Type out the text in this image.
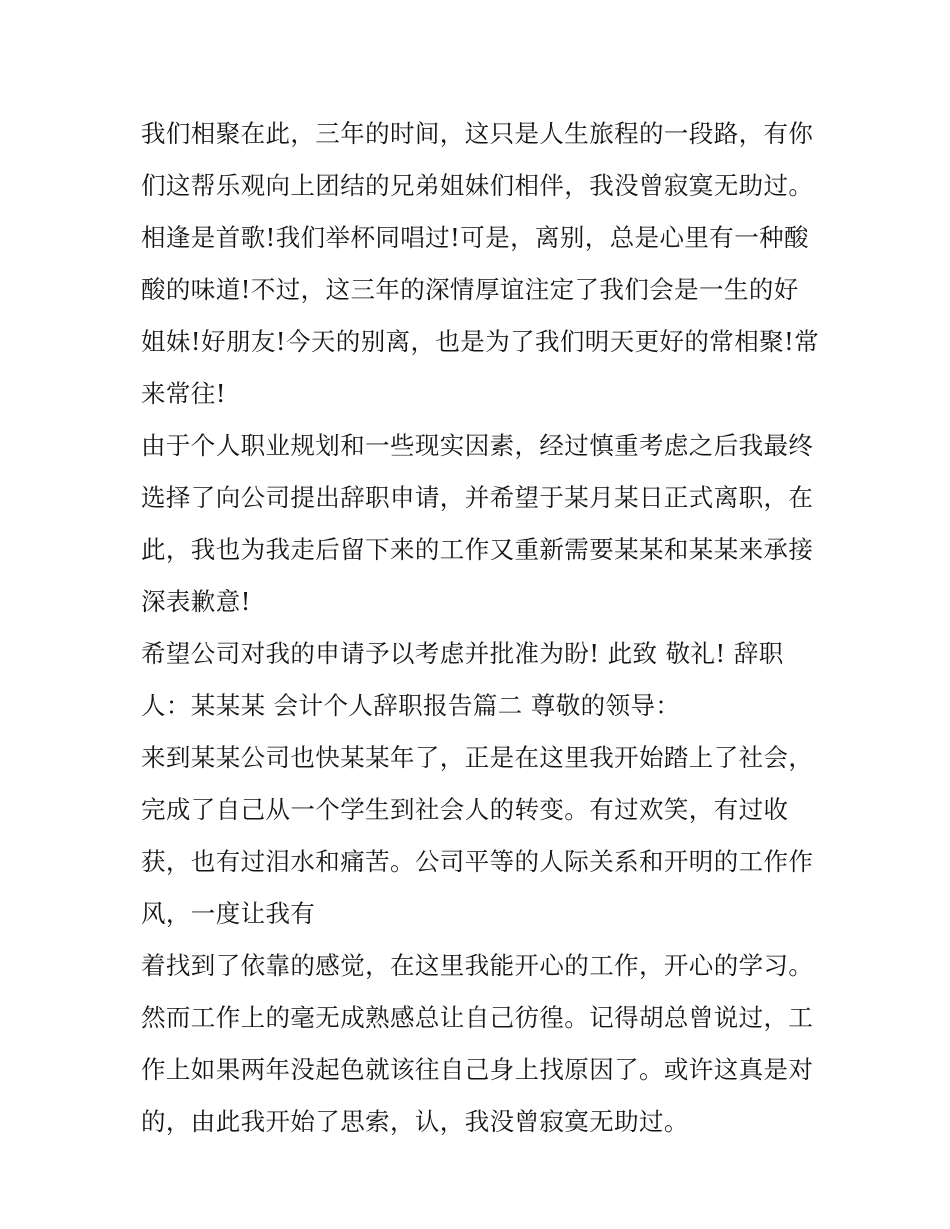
我们相聚在此，三年的时间，这只是人生旅程的一段路，有你
们这帮乐观向上团结的兄弟姐妹们相伴，我没曾寂寞无助过。
相逢是首歌!我们举杯同唱过!可是，离别，总是心里有一种酸
酸的味道!不过，这三年的深情厚谊注定了我们会是一生的好
姐妹!好朋友!今天的别离，也是为了我们明天更好的常相聚!常
来常往!
由于个人职业规划和一些现实因素，经过慎重考虑之后我最终
选择了向公司提出辞职申请，并希望于某月某日正式离职，在
此，我也为我走后留下来的工作又重新需要某某和某某来承接
深表歉意!
希望公司对我的申请予以考虑并批准为盼! 此致 敬礼! 辞职
人：某某某 会计个人辞职报告篇二 尊敬的领导：
来到某某公司也快某某年了，正是在这里我开始踏上了社会，
完成了自己从一个学生到社会人的转变。有过欢笑，有过收
获，也有过泪水和痛苦。公司平等的人际关系和开明的工作作
风，一度让我有
着找到了依靠的感觉，在这里我能开心的工作，开心的学习。
然而工作上的毫无成熟感总让自己彷徨。记得胡总曾说过，工
作上如果两年没起色就该往自己身上找原因了。或许这真是对
的，由此我开始了思索，认，我没曾寂寞无助过。
